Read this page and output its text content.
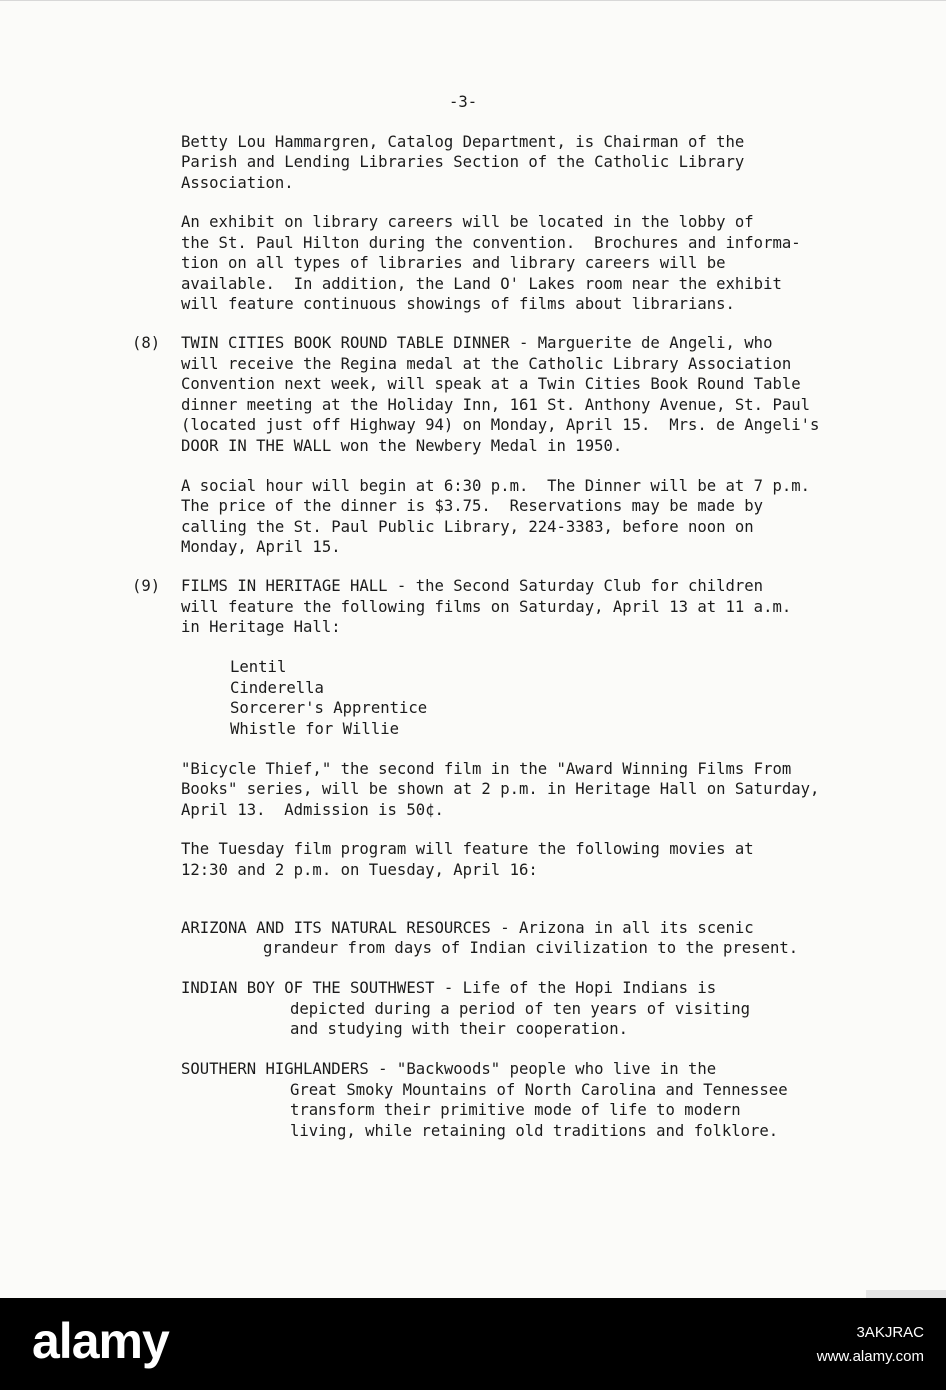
-3-
Betty Lou Hammargren, Catalog Department, is Chairman of the
Parish and Lending Libraries Section of the Catholic Library
Association.
An exhibit on library careers will be located in the lobby of
the St. Paul Hilton during the convention.  Brochures and informa-
tion on all types of libraries and library careers will be
available.  In addition, the Land O' Lakes room near the exhibit
will feature continuous showings of films about librarians.
(8) TWIN CITIES BOOK ROUND TABLE DINNER - Marguerite de Angeli, who
will receive the Regina medal at the Catholic Library Association
Convention next week, will speak at a Twin Cities Book Round Table
dinner meeting at the Holiday Inn, 161 St. Anthony Avenue, St. Paul
(located just off Highway 94) on Monday, April 15.  Mrs. de Angeli's
DOOR IN THE WALL won the Newbery Medal in 1950.
A social hour will begin at 6:30 p.m.  The Dinner will be at 7 p.m.
The price of the dinner is $3.75.  Reservations may be made by
calling the St. Paul Public Library, 224-3383, before noon on
Monday, April 15.
(9) FILMS IN HERITAGE HALL - the Second Saturday Club for children
will feature the following films on Saturday, April 13 at 11 a.m.
in Heritage Hall:
Lentil
Cinderella
Sorcerer's Apprentice
Whistle for Willie
"Bicycle Thief," the second film in the "Award Winning Films From
Books" series, will be shown at 2 p.m. in Heritage Hall on Saturday,
April 13.  Admission is 50¢.
The Tuesday film program will feature the following movies at
12:30 and 2 p.m. on Tuesday, April 16:
ARIZONA AND ITS NATURAL RESOURCES - Arizona in all its scenic
grandeur from days of Indian civilization to the present.
INDIAN BOY OF THE SOUTHWEST - Life of the Hopi Indians is
depicted during a period of ten years of visiting
and studying with their cooperation.
SOUTHERN HIGHLANDERS - "Backwoods" people who live in the
Great Smoky Mountains of North Carolina and Tennessee
transform their primitive mode of life to modern
living, while retaining old traditions and folklore.
alamy	3AKJRAC
www.alamy.com
